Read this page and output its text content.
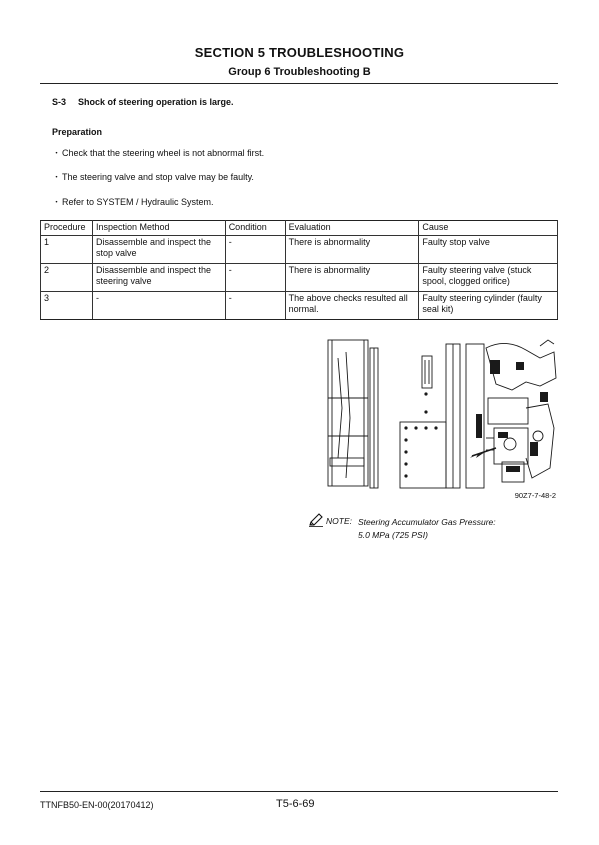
SECTION 5 TROUBLESHOOTING
Group 6 Troubleshooting B
S-3 Shock of steering operation is large.
Preparation
・Check that the steering wheel is not abnormal first.
・The steering valve and stop valve may be faulty.
・Refer to SYSTEM / Hydraulic System.
Procedure	Inspection Method	Condition	Evaluation	Cause
1	Disassemble and inspect the stop valve	-	There is abnormality	Faulty stop valve
2	Disassemble and inspect the steering valve	-	There is abnormality	Faulty steering valve (stuck spool, clogged orifice)
3	-	-	The above checks resulted all normal.	Faulty steering cylinder (faulty seal kit)
90Z7-7-48-2
NOTE: Steering Accumulator Gas Pressure:
5.0 MPa (725 PSI)
TTNFB50-EN-00(20170412)	T5-6-69
